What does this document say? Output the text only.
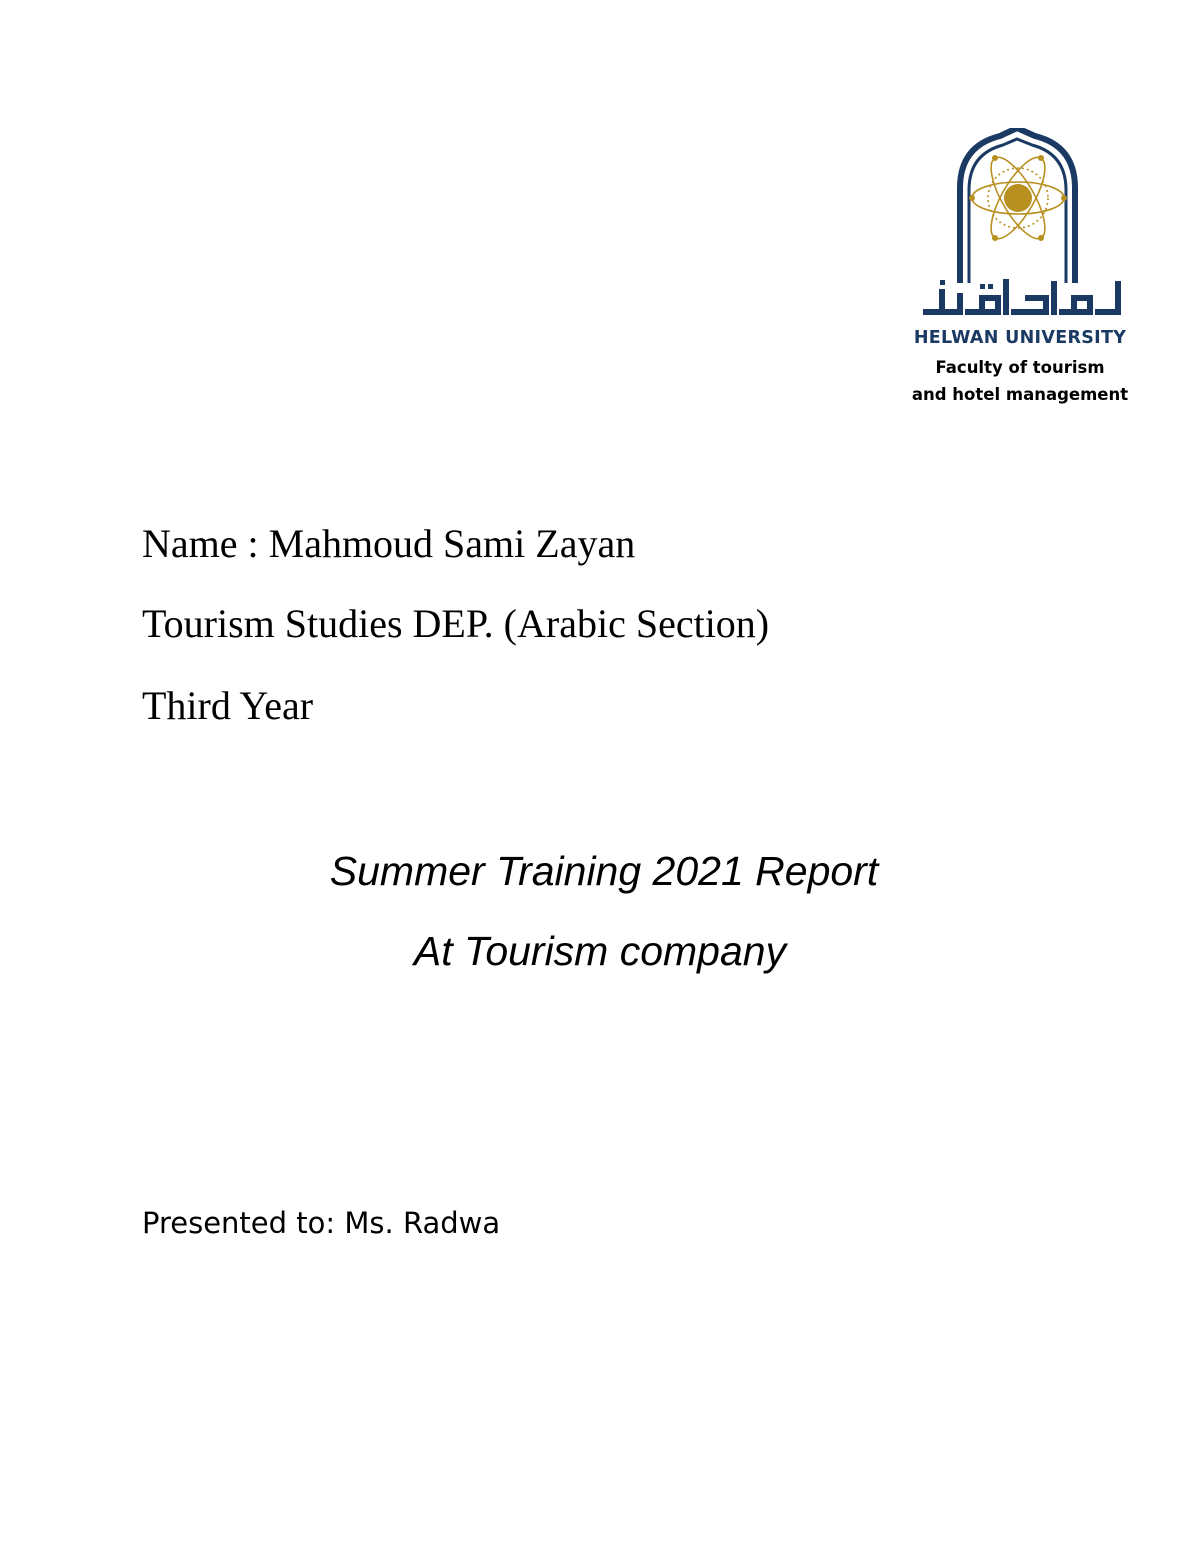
HELWAN UNIVERSITY
Faculty of tourism
and hotel management
Name : Mahmoud Sami Zayan
Tourism Studies DEP. (Arabic Section)
Third Year
Summer Training 2021 Report
At Tourism company
Presented to: Ms. Radwa
